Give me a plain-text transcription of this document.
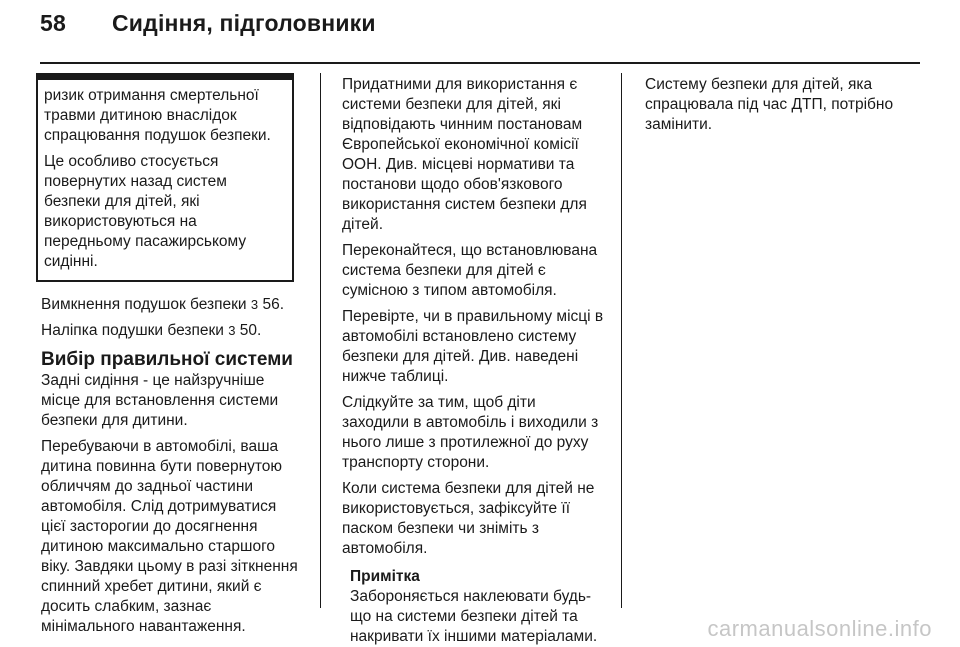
58 Сидіння, підголовники

ризик отримання смертельної травми дитиною внаслідок спрацювання подушок безпеки.

Це особливо стосується повернутих назад систем безпеки для дітей, які використовуються на передньому пасажирському сидінні.

Вимкнення подушок безпеки 3 56.

Наліпка подушки безпеки 3 50.

Вибір правильної системи

Задні сидіння - це найзручніше місце для встановлення системи безпеки для дитини.

Перебуваючи в автомобілі, ваша дитина повинна бути повернутою обличчям до задньої частини автомобіля. Слід дотримуватися цієї засторогии до досягнення дитиною максимально старшого віку. Завдяки цьому в разі зіткнення спинний хребет дитини, який є досить слабким, зазнає мінімального навантаження.

Придатними для використання є системи безпеки для дітей, які відповідають чинним постановам Європейської економічної комісії ООН. Див. місцеві нормативи та постанови щодо обов'язкового використання систем безпеки для дітей.

Переконайтеся, що встановлювана система безпеки для дітей є сумісною з типом автомобіля.

Перевірте, чи в правильному місці в автомобілі встановлено систему безпеки для дітей. Див. наведені нижче таблиці.

Слідкуйте за тим, щоб діти заходили в автомобіль і виходили з нього лише з протилежної до руху транспорту сторони.

Коли система безпеки для дітей не використовується, зафіксуйте її паском безпеки чи зніміть з автомобіля.

Примітка
Забороняється наклеювати будь-що на системи безпеки дітей та накривати їх іншими матеріалами.

Систему безпеки для дітей, яка спрацювала під час ДТП, потрібно замінити.

carmanualsonline.info
